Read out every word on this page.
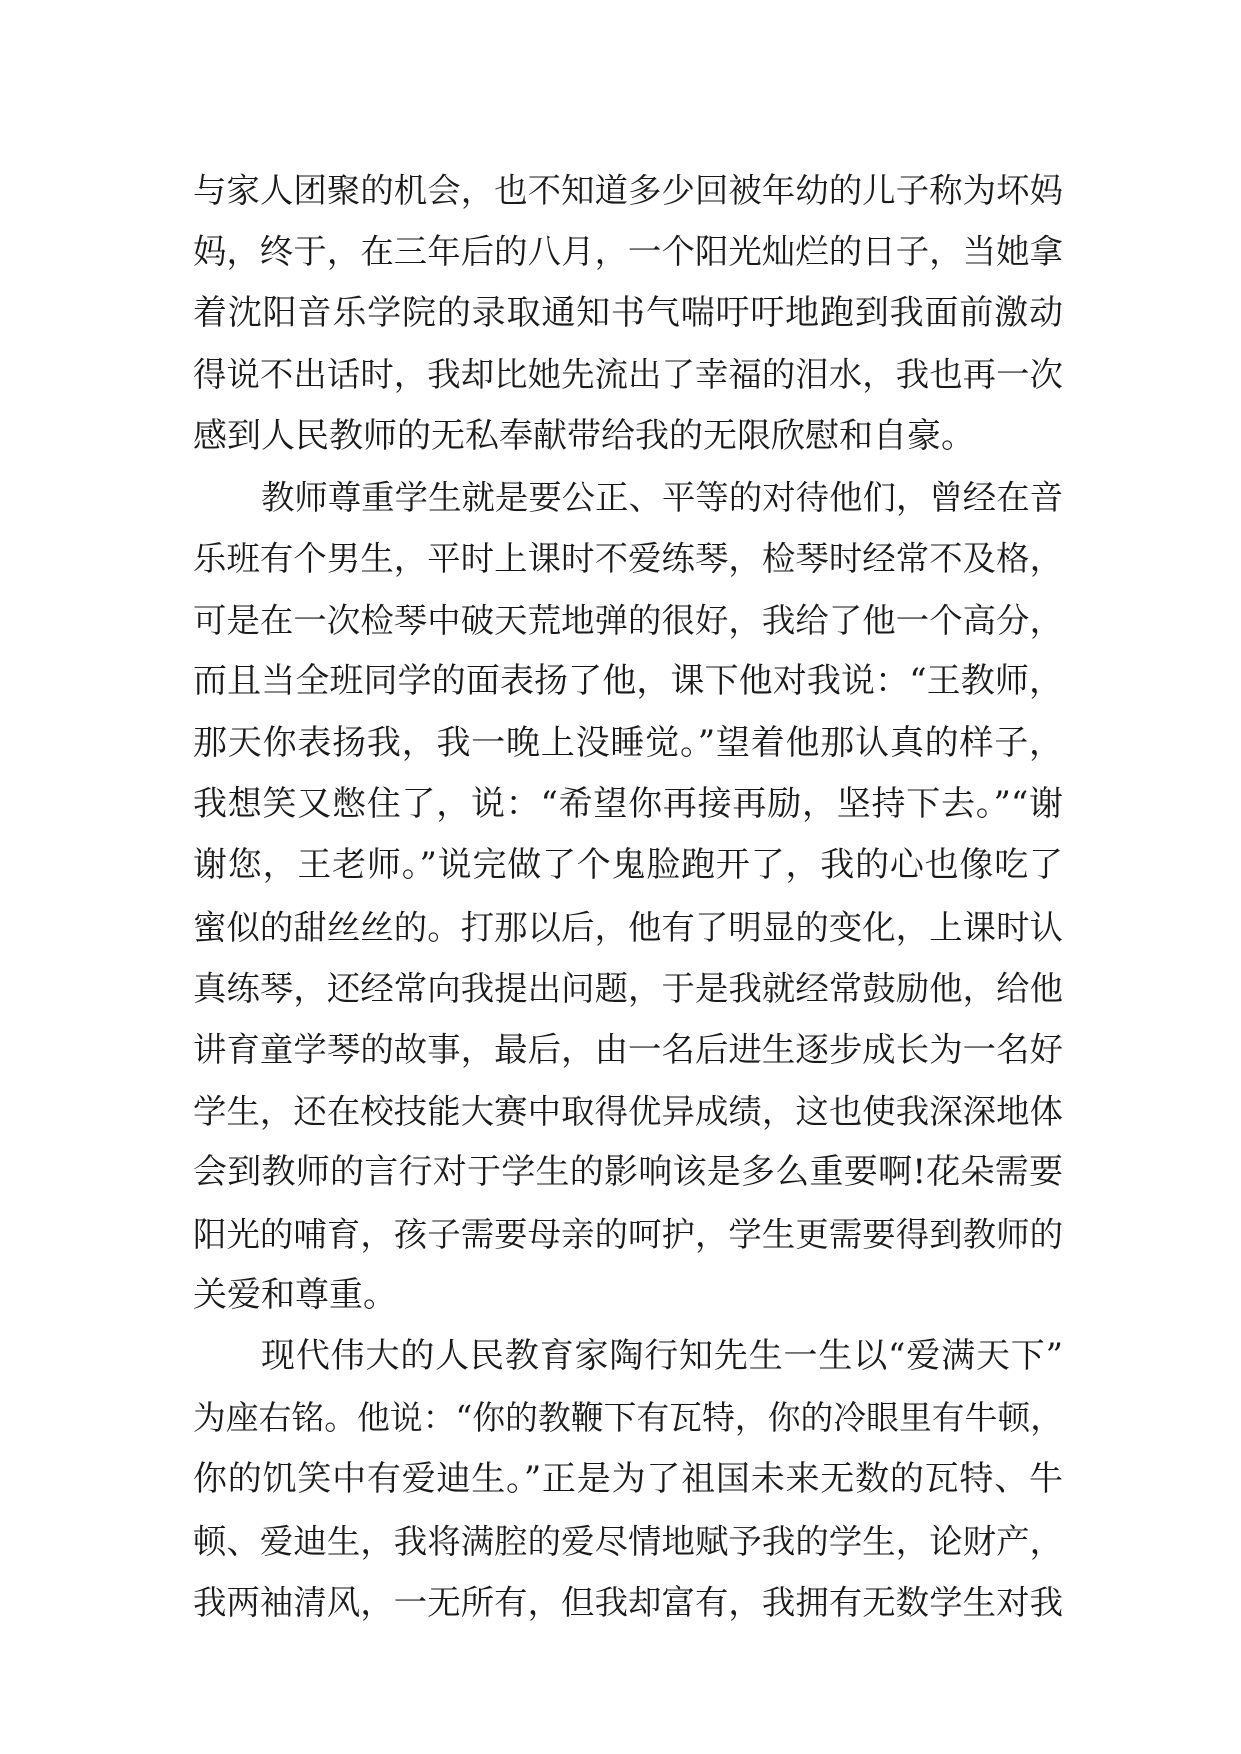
与家人团聚的机会，也不知道多少回被年幼的儿子称为坏妈
妈，终于，在三年后的八月，一个阳光灿烂的日子，当她拿
着沈阳音乐学院的录取通知书气喘吁吁地跑到我面前激动
得说不出话时，我却比她先流出了幸福的泪水，我也再一次
感到人民教师的无私奉献带给我的无限欣慰和自豪。
教师尊重学生就是要公正、平等的对待他们，曾经在音
乐班有个男生，平时上课时不爱练琴，检琴时经常不及格，
可是在一次检琴中破天荒地弹的很好，我给了他一个高分，
而且当全班同学的面表扬了他，课下他对我说：“王教师，
那天你表扬我，我一晚上没睡觉。”望着他那认真的样子，
我想笑又憋住了，说：“希望你再接再励，坚持下去。”“谢
谢您，王老师。”说完做了个鬼脸跑开了，我的心也像吃了
蜜似的甜丝丝的。打那以后，他有了明显的变化，上课时认
真练琴，还经常向我提出问题，于是我就经常鼓励他，给他
讲育童学琴的故事，最后，由一名后进生逐步成长为一名好
学生，还在校技能大赛中取得优异成绩，这也使我深深地体
会到教师的言行对于学生的影响该是多么重要啊!花朵需要
阳光的哺育，孩子需要母亲的呵护，学生更需要得到教师的
关爱和尊重。
现代伟大的人民教育家陶行知先生一生以“爱满天下”
为座右铭。他说：“你的教鞭下有瓦特，你的冷眼里有牛顿，
你的饥笑中有爱迪生。”正是为了祖国未来无数的瓦特、牛
顿、爱迪生，我将满腔的爱尽情地赋予我的学生，论财产，
我两袖清风，一无所有，但我却富有，我拥有无数学生对我
